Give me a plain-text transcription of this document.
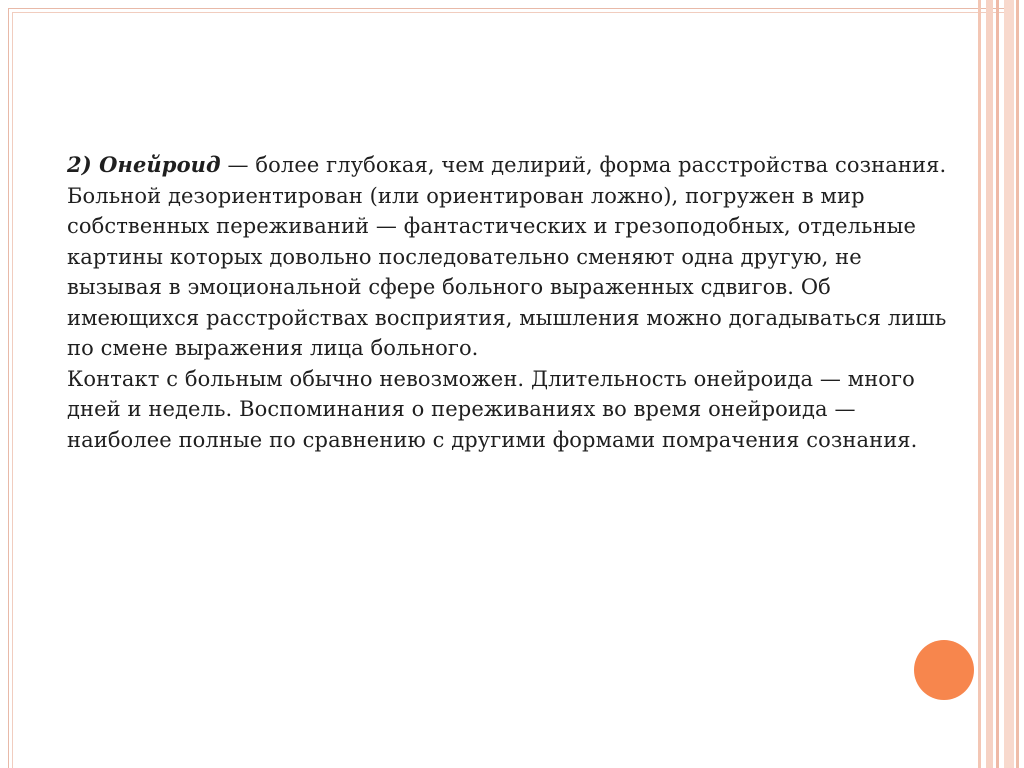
2) Онейроид — более глубокая, чем делирий, форма расстройства сознания. Больной дезориентирован (или ориентирован ложно), погружен в мир собственных переживаний — фантастических и грезоподобных, отдельные картины которых довольно последовательно сменяют одна другую, не вызывая в эмоциональной сфере больного выраженных сдвигов. Об имеющихся расстройствах восприятия, мышления можно догадываться лишь по смене выражения лица больного.

Контакт с больным обычно невозможен. Длительность онейроида — много дней и недель. Воспоминания о переживаниях во время онейроида — наиболее полные по сравнению с другими формами помрачения сознания.
